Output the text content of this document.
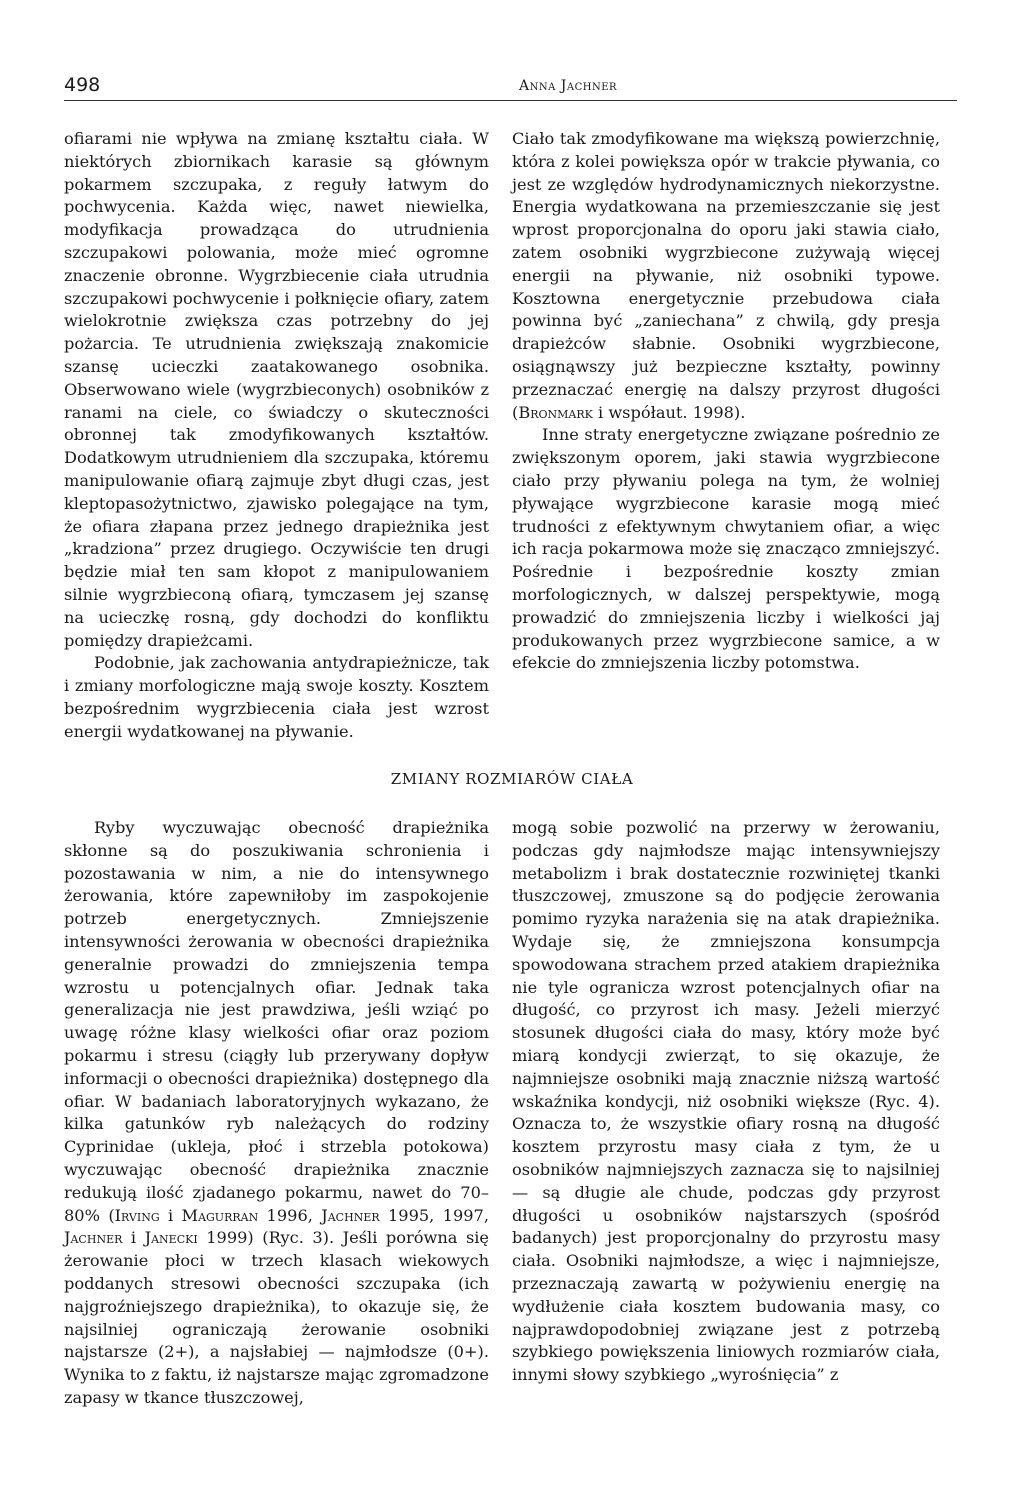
498	Anna Jachner

ofiarami nie wpływa na zmianę kształtu ciała. W niektórych zbiornikach karasie są głównym pokarmem szczupaka, z reguły łatwym do pochwycenia. Każda więc, nawet niewielka, modyfikacja prowadząca do utrudnienia szczupakowi polowania, może mieć ogromne znaczenie obronne. Wygrzbiecenie ciała utrudnia szczupakowi pochwycenie i połknięcie ofiary, zatem wielokrotnie zwiększa czas potrzebny do jej pożarcia. Te utrudnienia zwiększają znakomicie szansę ucieczki zaatakowanego osobnika. Obserwowano wiele (wygrzbieconych) osobników z ranami na ciele, co świadczy o skuteczności obronnej tak zmodyfikowanych kształtów. Dodatkowym utrudnieniem dla szczupaka, któremu manipulowanie ofiarą zajmuje zbyt długi czas, jest kleptopasożytnictwo, zjawisko polegające na tym, że ofiara złapana przez jednego drapieżnika jest „kradziona” przez drugiego. Oczywiście ten drugi będzie miał ten sam kłopot z manipulowaniem silnie wygrzbieconą ofiarą, tymczasem jej szansę na ucieczkę rosną, gdy dochodzi do konfliktu pomiędzy drapieżcami.

Podobnie, jak zachowania antydrapieżnicze, tak i zmiany morfologiczne mają swoje koszty. Kosztem bezpośrednim wygrzbiecenia ciała jest wzrost energii wydatkowanej na pływanie.

Ciało tak zmodyfikowane ma większą powierzchnię, która z kolei powiększa opór w trakcie pływania, co jest ze względów hydrodynamicznych niekorzystne. Energia wydatkowana na przemieszczanie się jest wprost proporcjonalna do oporu jaki stawia ciało, zatem osobniki wygrzbiecone zużywają więcej energii na pływanie, niż osobniki typowe. Kosztowna energetycznie przebudowa ciała powinna być „zaniechana” z chwilą, gdy presja drapieżców słabnie. Osobniki wygrzbiecone, osiągnąwszy już bezpieczne kształty, powinny przeznaczać energię na dalszy przyrost długości (Bronmark i współaut. 1998).

Inne straty energetyczne związane pośrednio ze zwiększonym oporem, jaki stawia wygrzbiecone ciało przy pływaniu polega na tym, że wolniej pływające wygrzbiecone karasie mogą mieć trudności z efektywnym chwytaniem ofiar, a więc ich racja pokarmowa może się znacząco zmniejszyć. Pośrednie i bezpośrednie koszty zmian morfologicznych, w dalszej perspektywie, mogą prowadzić do zmniejszenia liczby i wielkości jaj produkowanych przez wygrzbiecone samice, a w efekcie do zmniejszenia liczby potomstwa.

ZMIANY ROZMIARÓW CIAŁA

Ryby wyczuwając obecność drapieżnika skłonne są do poszukiwania schronienia i pozostawania w nim, a nie do intensywnego żerowania, które zapewniłoby im zaspokojenie potrzeb energetycznych. Zmniejszenie intensywności żerowania w obecności drapieżnika generalnie prowadzi do zmniejszenia tempa wzrostu u potencjalnych ofiar. Jednak taka generalizacja nie jest prawdziwa, jeśli wziąć po uwagę różne klasy wielkości ofiar oraz poziom pokarmu i stresu (ciągły lub przerywany dopływ informacji o obecności drapieżnika) dostępnego dla ofiar. W badaniach laboratoryjnych wykazano, że kilka gatunków ryb należących do rodziny Cyprinidae (ukleja, płoć i strzebla potokowa) wyczuwając obecność drapieżnika znacznie redukują ilość zjadanego pokarmu, nawet do 70–80% (Irving i Magurran 1996, Jachner 1995, 1997, Jachner i Janecki 1999) (Ryc. 3). Jeśli porówna się żerowanie płoci w trzech klasach wiekowych poddanych stresowi obecności szczupaka (ich najgroźniejszego drapieżnika), to okazuje się, że najsilniej ograniczają żerowanie osobniki najstarsze (2+), a najsłabiej — najmłodsze (0+). Wynika to z faktu, iż najstarsze mając zgromadzone zapasy w tkance tłuszczowej,

mogą sobie pozwolić na przerwy w żerowaniu, podczas gdy najmłodsze mając intensywniejszy metabolizm i brak dostatecznie rozwiniętej tkanki tłuszczowej, zmuszone są do podjęcie żerowania pomimo ryzyka narażenia się na atak drapieżnika. Wydaje się, że zmniejszona konsumpcja spowodowana strachem przed atakiem drapieżnika nie tyle ogranicza wzrost potencjalnych ofiar na długość, co przyrost ich masy. Jeżeli mierzyć stosunek długości ciała do masy, który może być miarą kondycji zwierząt, to się okazuje, że najmniejsze osobniki mają znacznie niższą wartość wskaźnika kondycji, niż osobniki większe (Ryc. 4). Oznacza to, że wszystkie ofiary rosną na długość kosztem przyrostu masy ciała z tym, że u osobników najmniejszych zaznacza się to najsilniej — są długie ale chude, podczas gdy przyrost długości u osobników najstarszych (spośród badanych) jest proporcjonalny do przyrostu masy ciała. Osobniki najmłodsze, a więc i najmniejsze, przeznaczają zawartą w pożywieniu energię na wydłużenie ciała kosztem budowania masy, co najprawdopodobniej związane jest z potrzebą szybkiego powiększenia liniowych rozmiarów ciała, innymi słowy szybkiego „wyrośnięcia” z
